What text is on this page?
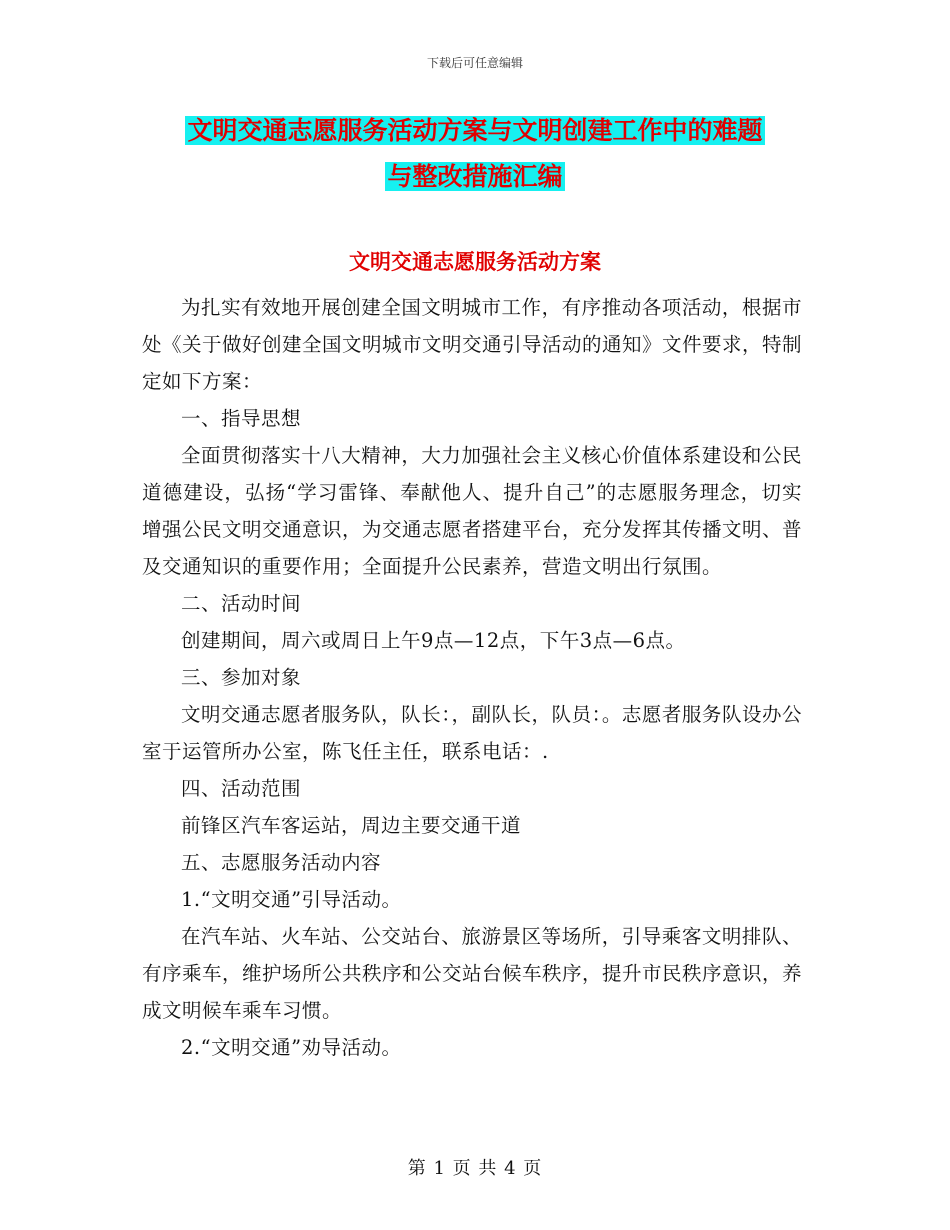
下载后可任意编辑
文明交通志愿服务活动方案与文明创建工作中的难题
与整改措施汇编
文明交通志愿服务活动方案

为扎实有效地开展创建全国文明城市工作，有序推动各项活动，根据市处《关于做好创建全国文明城市文明交通引导活动的通知》文件要求，特制定如下方案：

一、指导思想

全面贯彻落实十八大精神，大力加强社会主义核心价值体系建设和公民道德建设，弘扬“学习雷锋、奉献他人、提升自己”的志愿服务理念，切实增强公民文明交通意识，为交通志愿者搭建平台，充分发挥其传播文明、普及交通知识的重要作用；全面提升公民素养，营造文明出行氛围。

二、活动时间

创建期间，周六或周日上午9点—12点，下午3点—6点。

三、参加对象

文明交通志愿者服务队，队长：，副队长，队员：。志愿者服务队设办公室于运管所办公室，陈飞任主任，联系电话：.

四、活动范围

前锋区汽车客运站，周边主要交通干道

五、志愿服务活动内容

1.“文明交通”引导活动。

在汽车站、火车站、公交站台、旅游景区等场所，引导乘客文明排队、有序乘车，维护场所公共秩序和公交站台候车秩序，提升市民秩序意识，养成文明候车乘车习惯。

2.“文明交通”劝导活动。

第 1 页 共 4 页
